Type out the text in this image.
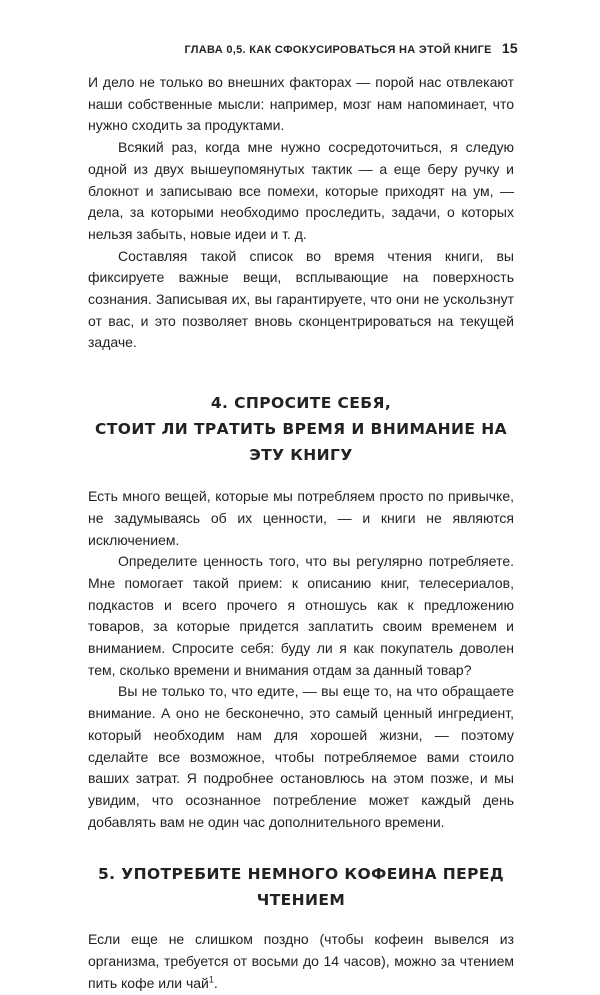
ГЛАВА 0,5. КАК СФОКУСИРОВАТЬСЯ НА ЭТОЙ КНИГЕ 15

И дело не только во внешних факторах — порой нас отвлекают наши собственные мысли: например, мозг нам напоминает, что нужно сходить за продуктами.

Всякий раз, когда мне нужно сосредоточиться, я следую одной из двух вышеупомянутых тактик — а еще беру ручку и блокнот и записываю все помехи, которые приходят на ум, — дела, за которыми необходимо проследить, задачи, о которых нельзя забыть, новые идеи и т. д.

Составляя такой список во время чтения книги, вы фиксируете важные вещи, всплывающие на поверхность сознания. Записывая их, вы гарантируете, что они не ускользнут от вас, и это позволяет вновь сконцентрироваться на текущей задаче.

4. СПРОСИТЕ СЕБЯ,
СТОИТ ЛИ ТРАТИТЬ ВРЕМЯ И ВНИМАНИЕ НА ЭТУ КНИГУ

Есть много вещей, которые мы потребляем просто по привычке, не задумываясь об их ценности, — и книги не являются исключением.

Определите ценность того, что вы регулярно потребляете. Мне помогает такой прием: к описанию книг, телесериалов, подкастов и всего прочего я отношусь как к предложению товаров, за которые придется заплатить своим временем и вниманием. Спросите себя: буду ли я как покупатель доволен тем, сколько времени и внимания отдам за данный товар?

Вы не только то, что едите, — вы еще то, на что обращаете внимание. А оно не бесконечно, это самый ценный ингредиент, который необходим нам для хорошей жизни, — поэтому сделайте все возможное, чтобы потребляемое вами стоило ваших затрат. Я подробнее остановлюсь на этом позже, и мы увидим, что осознанное потребление может каждый день добавлять вам не один час дополнительного времени.

5. УПОТРЕБИТЕ НЕМНОГО КОФЕИНА ПЕРЕД ЧТЕНИЕМ

Если еще не слишком поздно (чтобы кофеин вывелся из организма, требуется от восьми до 14 часов), можно за чтением пить кофе или чай$^1$.
